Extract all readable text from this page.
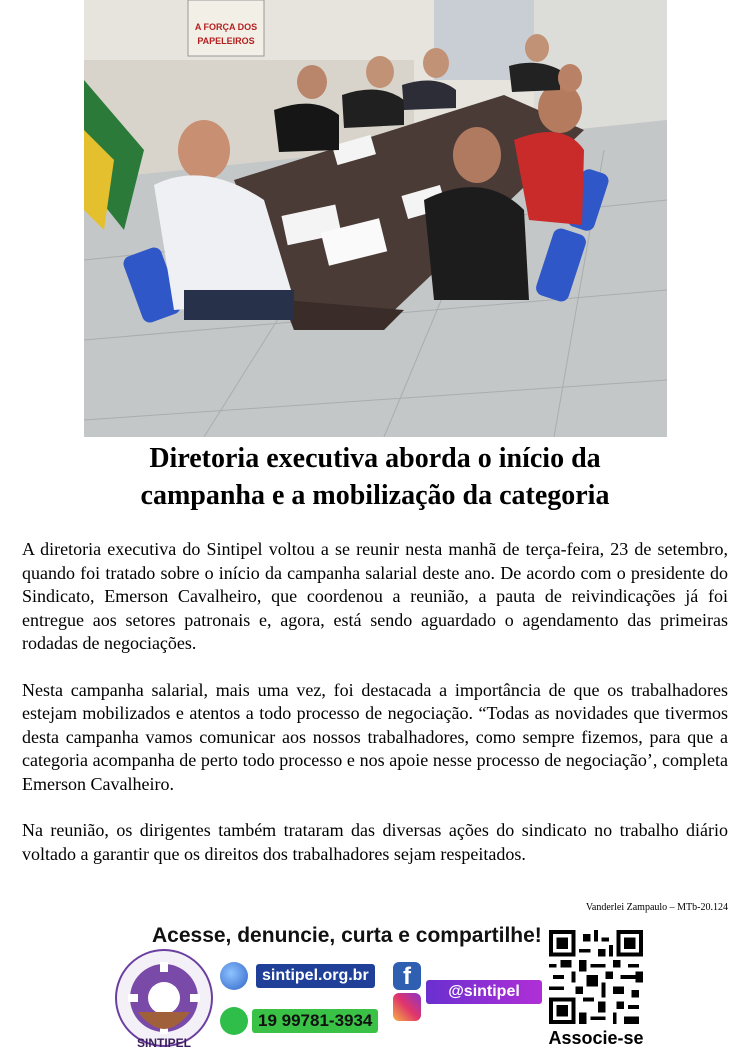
A FORÇA DOS
PAPELEIROS
Diretoria executiva aborda o início da
campanha e a mobilização da categoria

A diretoria executiva do Sintipel voltou a se reunir nesta manhã de terça-feira, 23 de setembro, quando foi tratado sobre o início da campanha salarial deste ano. De acordo com o presidente do Sindicato, Emerson Cavalheiro, que coordenou a reunião, a pauta de reivindicações já foi entregue aos setores patronais e, agora, está sendo aguardado o agendamento das primeiras rodadas de negociações.

Nesta campanha salarial, mais uma vez, foi destacada a importância de que os trabalhadores estejam mobilizados e atentos a todo processo de negociação. “Todas as novidades que tivermos desta campanha vamos comunicar aos nossos trabalhadores, como sempre fizemos, para que a categoria acompanha de perto todo processo e nos apoie nesse processo de negociação’, completa Emerson Cavalheiro.

Na reunião, os dirigentes também trataram das diversas ações do sindicato no trabalho diário voltado a garantir que os direitos dos trabalhadores sejam respeitados.

Vanderlei Zampaulo – MTb-20.124
Acesse, denuncie, curta e compartilhe!
SINTIPEL
sintipel.org.br
19 99781-3934
f
@sintipel
Associe-se
